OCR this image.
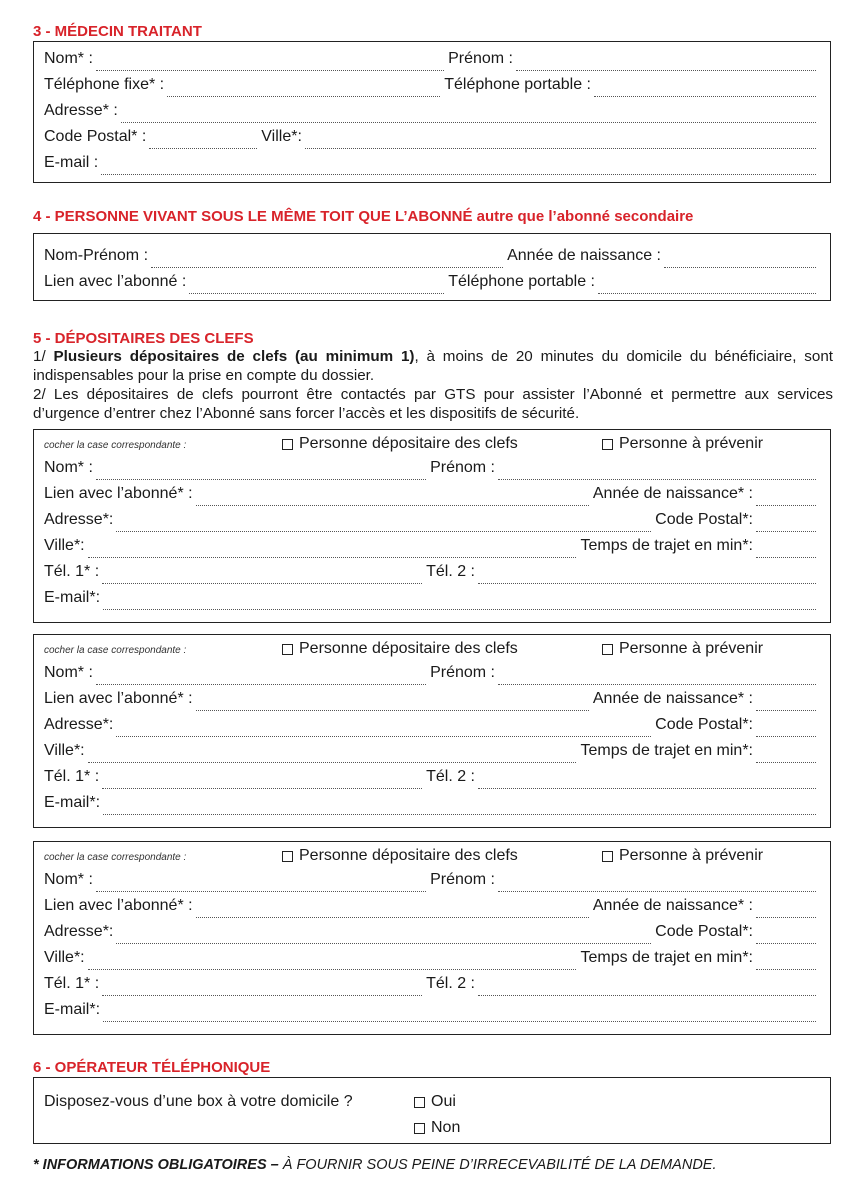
3 - MÉDECIN TRAITANT
Nom* :	Prénom :
Téléphone fixe* :	Téléphone portable :
Adresse* :
Code Postal* :	Ville*:
E-mail :
4 - PERSONNE VIVANT SOUS LE MÊME TOIT QUE L’ABONNÉ autre que l’abonné secondaire
Nom-Prénom :	Année de naissance :
Lien avec l’abonné :	Téléphone portable :
5 - DÉPOSITAIRES DES CLEFS
1/ Plusieurs dépositaires de clefs (au minimum 1), à moins de 20 minutes du domicile du bénéficiaire, sont indispensables pour la prise en compte du dossier.
2/ Les dépositaires de clefs pourront être contactés par GTS pour assister l’Abonné et permettre aux services d’urgence d’entrer chez l’Abonné sans forcer l’accès et les dispositifs de sécurité.
cocher la case correspondante :	Personne dépositaire des clefs	Personne à prévenir
Nom* :	Prénom :
Lien avec l’abonné* :	Année de naissance* :
Adresse*:	Code Postal*:
Ville*:	Temps de trajet en min*:
Tél. 1* :	Tél. 2 :
E-mail*:
cocher la case correspondante :	Personne dépositaire des clefs	Personne à prévenir
Nom* :	Prénom :
Lien avec l’abonné* :	Année de naissance* :
Adresse*:	Code Postal*:
Ville*:	Temps de trajet en min*:
Tél. 1* :	Tél. 2 :
E-mail*:
cocher la case correspondante :	Personne dépositaire des clefs	Personne à prévenir
Nom* :	Prénom :
Lien avec l’abonné* :	Année de naissance* :
Adresse*:	Code Postal*:
Ville*:	Temps de trajet en min*:
Tél. 1* :	Tél. 2 :
E-mail*:
6 - OPÉRATEUR TÉLÉPHONIQUE
Disposez-vous d’une box à votre domicile ?	Oui
Non
* INFORMATIONS OBLIGATOIRES – À FOURNIR SOUS PEINE D’IRRECEVABILITÉ DE LA DEMANDE.
